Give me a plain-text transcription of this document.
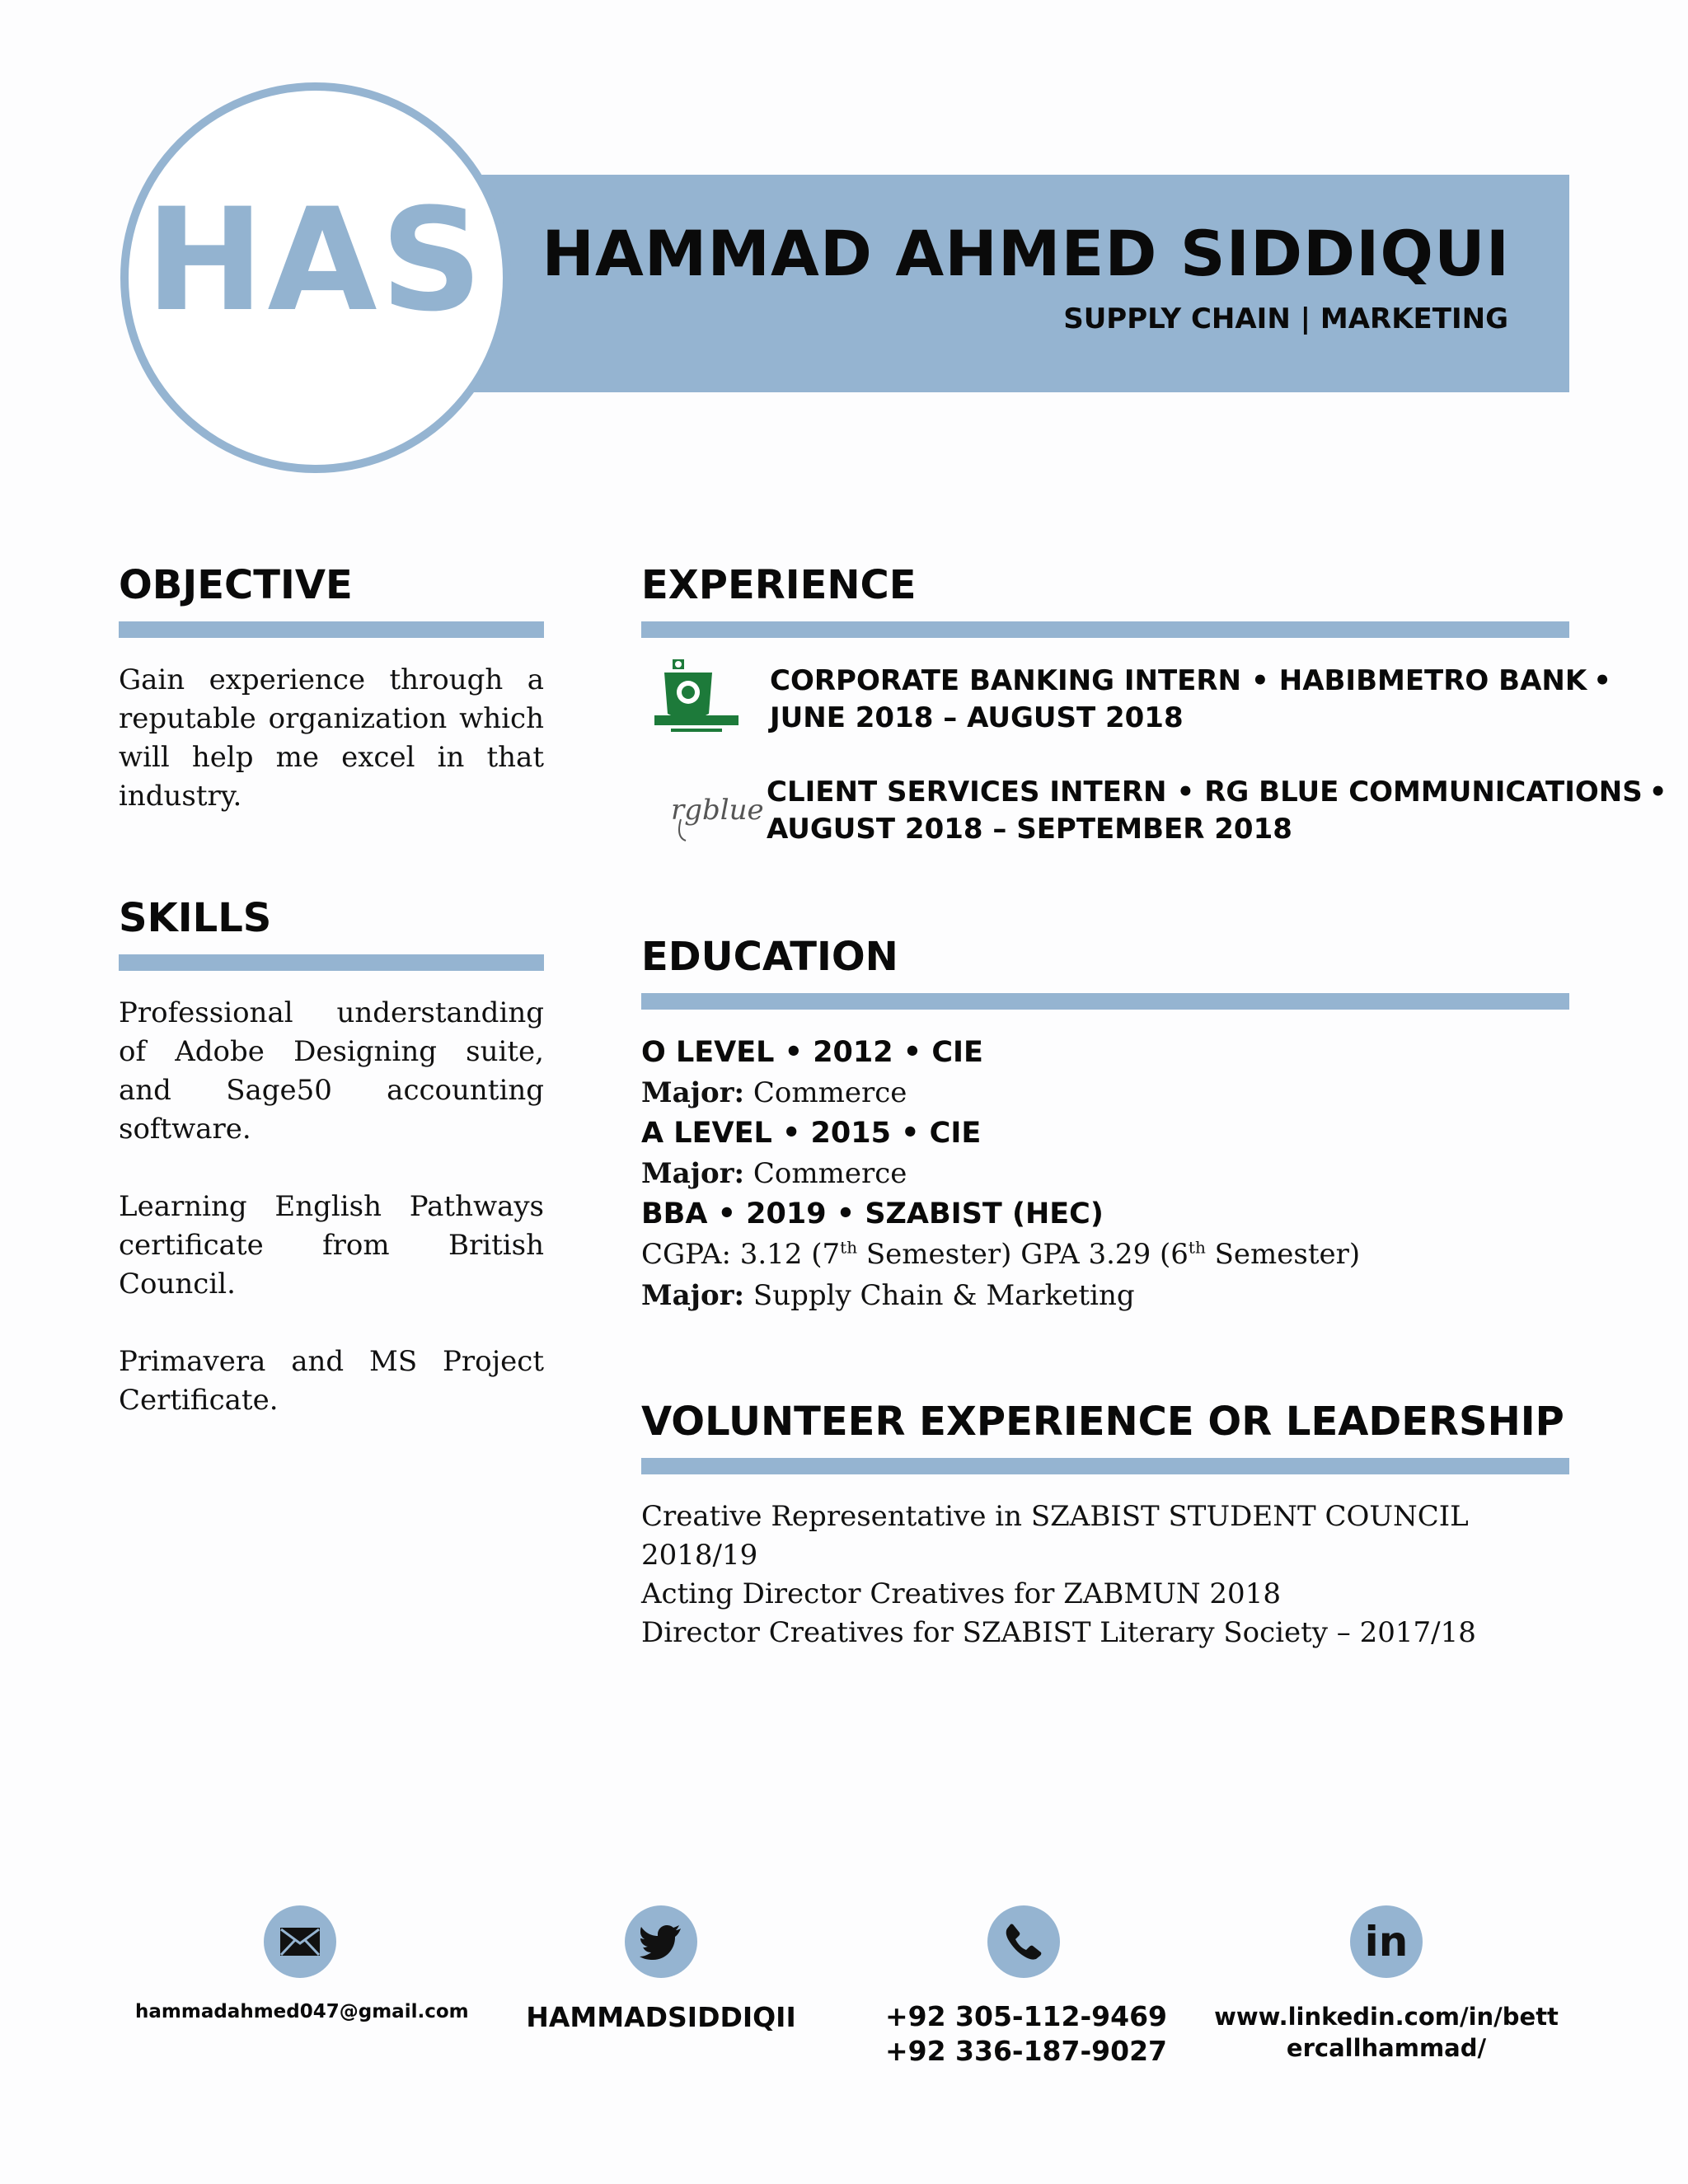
HAS HAMMAD AHMED SIDDIQUI
SUPPLY CHAIN | MARKETING
OBJECTIVE

Gain experience through a reputable organization which will help me excel in that industry.

SKILLS

Professional understanding of Adobe Designing suite, and Sage50 accounting software.

Learning English Pathways certificate from British Council.

Primavera and MS Project Certificate.

EXPERIENCE
CORPORATE BANKING INTERN • HABIBMETRO BANK •
JUNE 2018 – AUGUST 2018
rgblue
CLIENT SERVICES INTERN • RG BLUE COMMUNICATIONS •
AUGUST 2018 – SEPTEMBER 2018
EDUCATION
O LEVEL • 2012 • CIE
Major: Commerce
A LEVEL • 2015 • CIE
Major: Commerce
BBA • 2019 • SZABIST (HEC)
CGPA: 3.12 (7th Semester) GPA 3.29 (6th Semester)
Major: Supply Chain & Marketing
VOLUNTEER EXPERIENCE OR LEADERSHIP
Creative Representative in SZABIST STUDENT COUNCIL 2018/19
Acting Director Creatives for ZABMUN 2018
Director Creatives for SZABIST Literary Society – 2017/18
in
hammadahmed047@gmail.com HAMMADSIDDIQII	+92 305-112-9469
+92 336-187-9027
www.linkedin.com/in/bett
ercallhammad/
